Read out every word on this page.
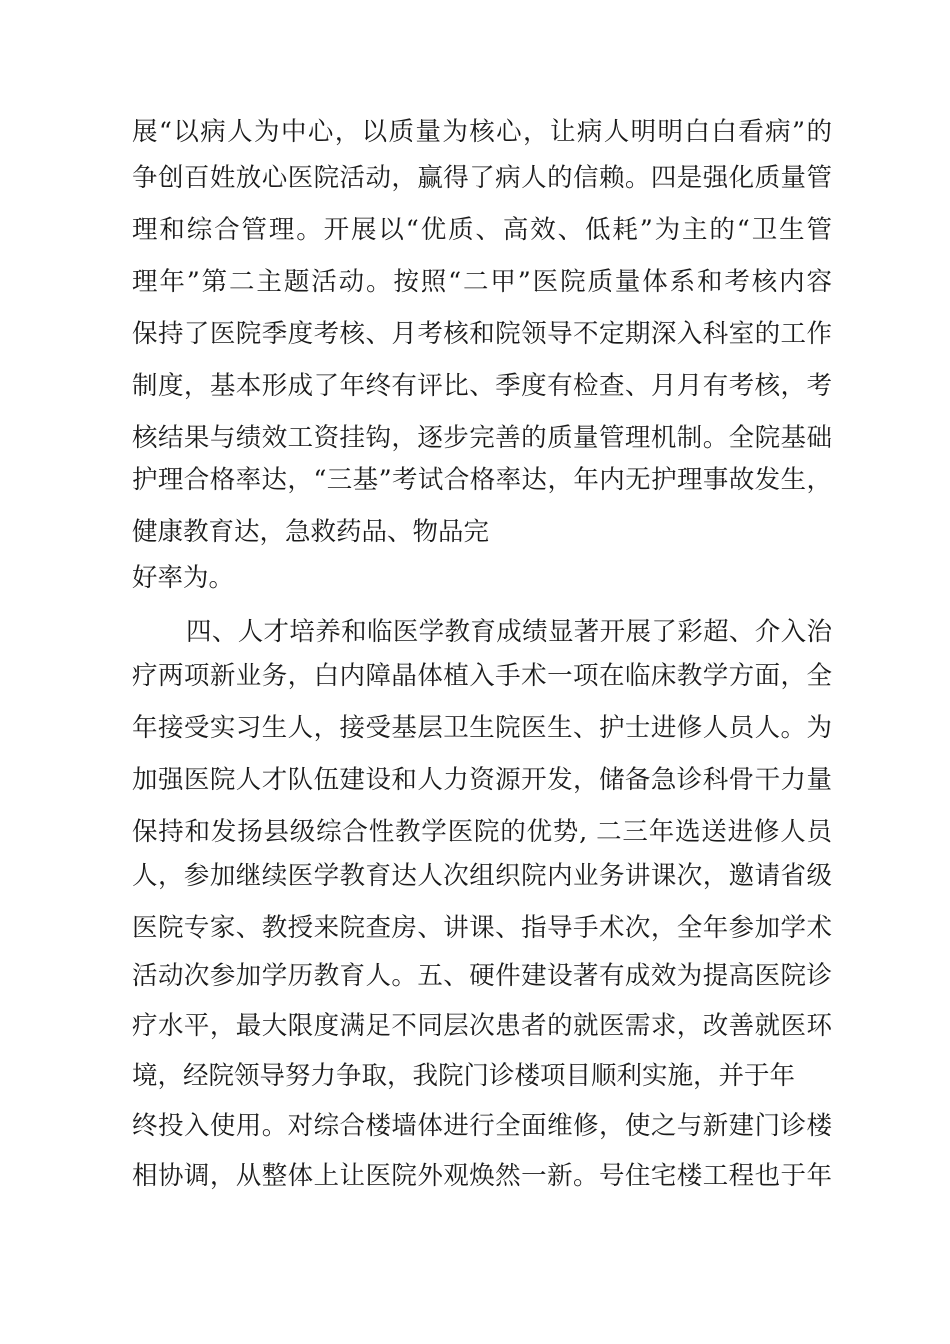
展“以病人为中心，以质量为核心，让病人明明白白看病”的
争创百姓放心医院活动，赢得了病人的信赖。四是强化质量管
理和综合管理。开展以“优质、高效、低耗”为主的“卫生管
理年”第二主题活动。按照“二甲”医院质量体系和考核内容
保持了医院季度考核、月考核和院领导不定期深入科室的工作
制度，基本形成了年终有评比、季度有检查、月月有考核，考
核结果与绩效工资挂钩，逐步完善的质量管理机制。全院基础
护理合格率达，“三基”考试合格率达，年内无护理事故发生，
健康教育达，急救药品、物品完
好率为。
四、人才培养和临医学教育成绩显著开展了彩超、介入治
疗两项新业务，白内障晶体植入手术一项在临床教学方面，全
年接受实习生人，接受基层卫生院医生、护士进修人员人。为
加强医院人才队伍建设和人力资源开发，储备急诊科骨干力量
保持和发扬县级综合性教学医院的优势, 二三年选送进修人员
人，参加继续医学教育达人次组织院内业务讲课次，邀请省级
医院专家、教授来院查房、讲课、指导手术次，全年参加学术
活动次参加学历教育人。五、硬件建设著有成效为提高医院诊
疗水平，最大限度满足不同层次患者的就医需求，改善就医环
境，经院领导努力争取，我院门诊楼项目顺利实施，并于年
终投入使用。对综合楼墙体进行全面维修，使之与新建门诊楼
相协调，从整体上让医院外观焕然一新。号住宅楼工程也于年
